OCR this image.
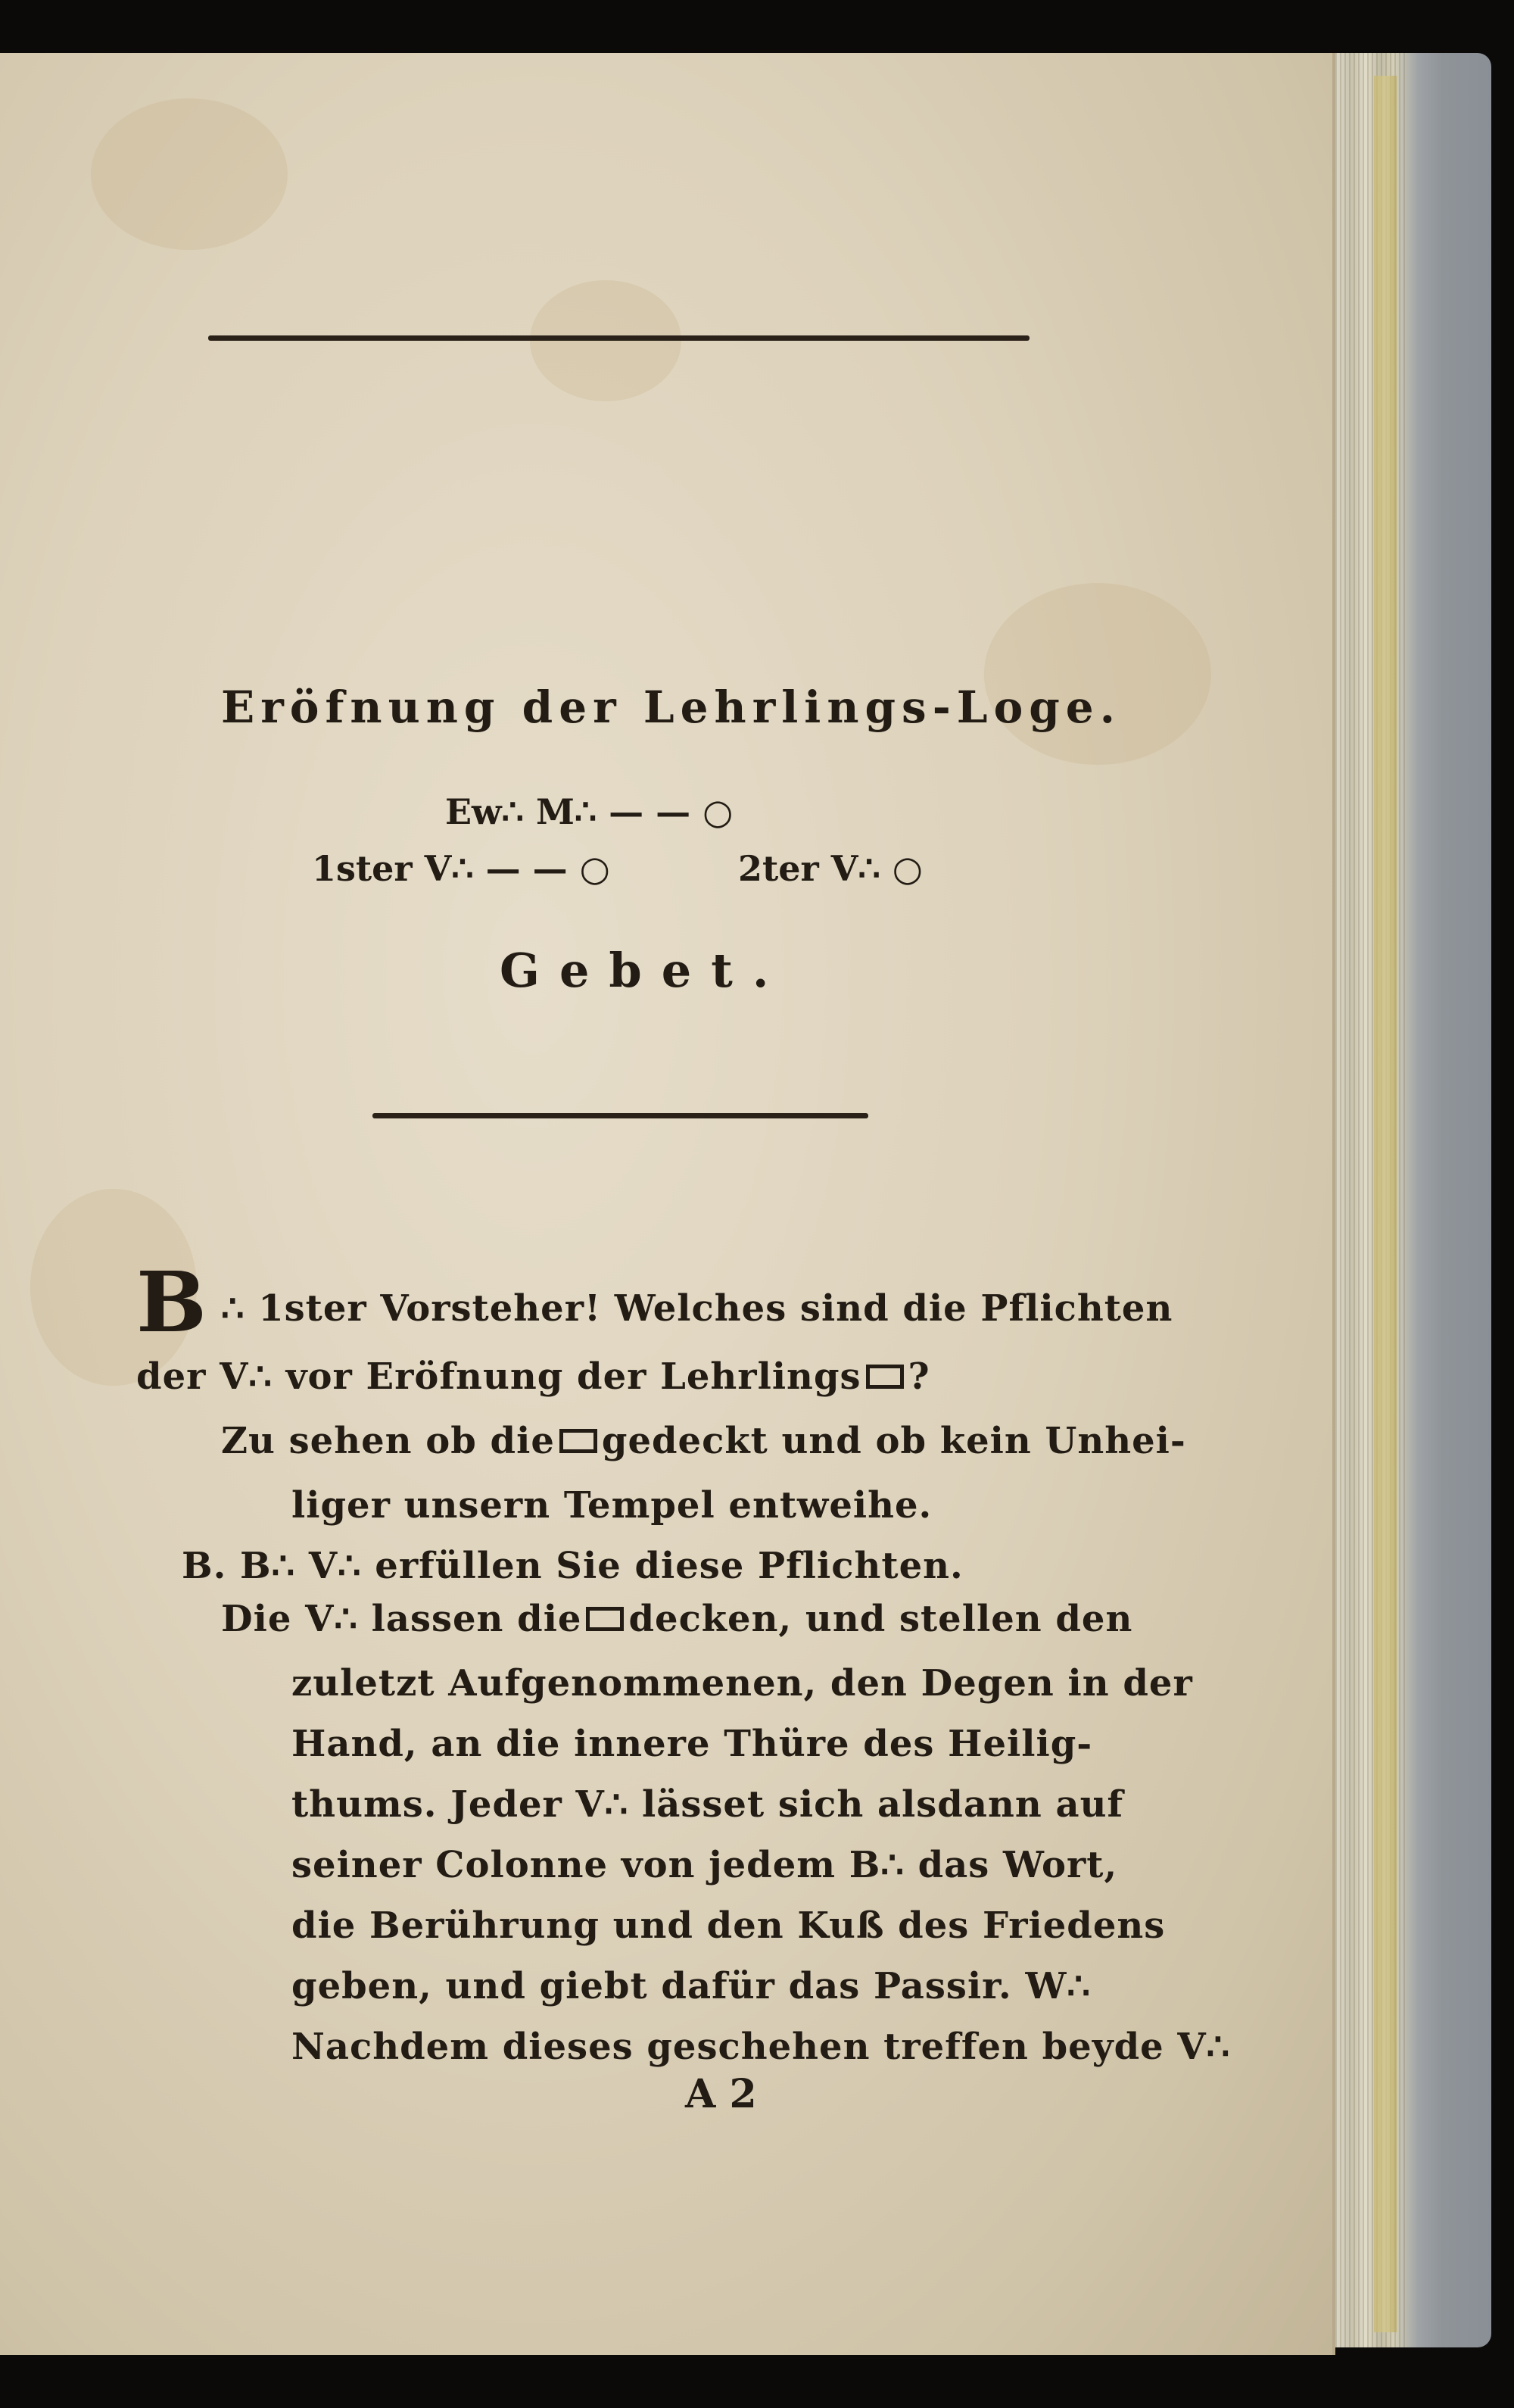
Eröfnung der Lehrlings-Loge.
Ew∴ M∴ — — ○
1ster V∴ — — ○	2ter V∴ ○
Gebet.
B ∴ 1ster Vorsteher! Welches sind die Pflichten
der V∴ vor Eröfnung der Lehrlings ?
Zu sehen ob die gedeckt und ob kein Unhei-
liger unsern Tempel entweihe.
B. B∴ V∴ erfüllen Sie diese Pflichten.
Die V∴ lassen die decken, und stellen den
zuletzt Aufgenommenen, den Degen in der
Hand, an die innere Thüre des Heilig-
thums. Jeder V∴ lässet sich alsdann auf
seiner Colonne von jedem B∴ das Wort,
die Berührung und den Kuß des Friedens
geben, und giebt dafür das Passir. W∴
Nachdem dieses geschehen treffen beyde V∴
A 2
